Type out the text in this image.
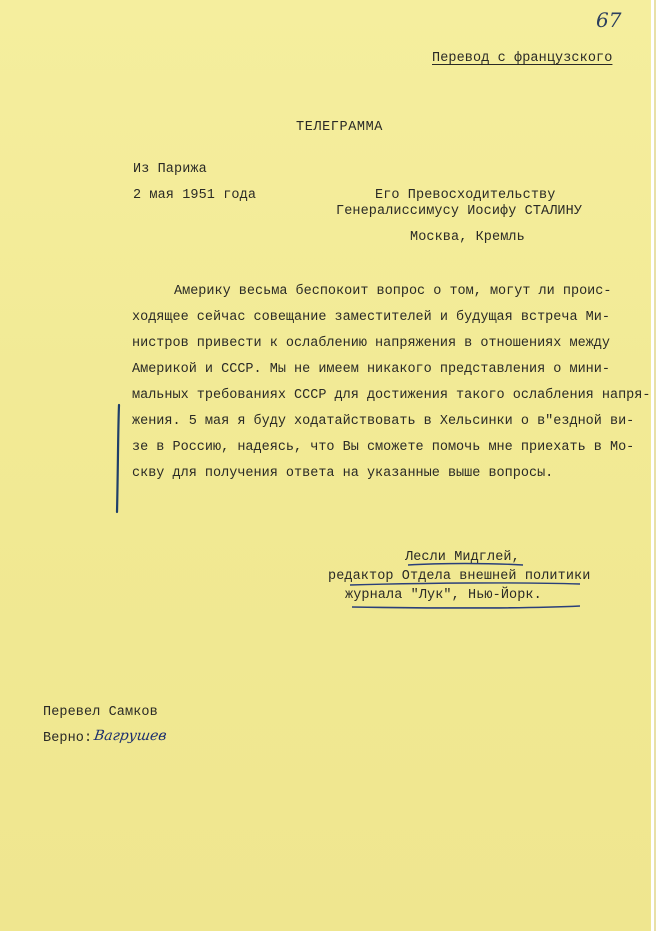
67
Перевод с французского
ТЕЛЕГРАММА
Из Парижа
2 мая 1951 года	Его Превосходительству
Генералиссимусу Иосифу СТАЛИНУ
Москва, Кремль
Америку весьма беспокоит вопрос о том, могут ли проис-
ходящее сейчас совещание заместителей и будущая встреча Ми-
нистров привести к ослаблению напряжения в отношениях между
Америкой и СССР. Мы не имеем никакого представления о мини-
мальных требованиях СССР для достижения такого ослабления напря-
жения. 5 мая я буду ходатайствовать в Хельсинки о в"ездной ви-
зе в Россию, надеясь, что Вы сможете помочь мне приехать в Мо-
скву для получения ответа на указанные выше вопросы.
Лесли Мидглей,
редактор Отдела внешней политики
журнала "Лук", Нью-Йорк.
Перевел Самков
Верно: Вагрушев
